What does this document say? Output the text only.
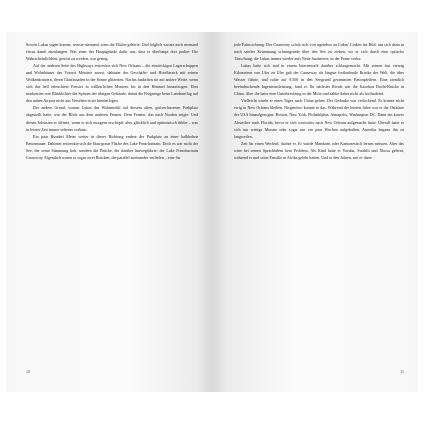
Soweit Lukas sagen konnte, wusste niemand, wem die Fläche gehörte. Und folglich wusste auch niemand etwas damit anzufangen. Was einer der Hauptgründe dafür war, dass er überhaupt dort parkte: Die Wahrscheinlichkeit, gestört zu werden, war gering.

Auf der anderen Seite des Highways erstreckte sich New Orleans – die einstöckigen Lagerschuppen und Wohnhäuser des Vororts Metairie zuerst, dahinter der Geschäfts- und Hotelbezirk mit seinen Wolkenkratzern, deren Glasfassaden in der Sonne glitzerten. Nachts funkelten sie auf andere Weise, wenn sich das hell erleuchtete Fenster in willkürlichen Mustern bis in den Himmel hinaufzogen. Dort markierten rote Blinklichter die Spitzen der übrigen Gebäude, damit die Flugzeuge beim Landeanflug auf den nahen Airport nicht aus Versehen in sie hineinflogen.

Der andere Grund, warum Lukas das Wohnmobil auf diesem alten, gottverlassenen Parkplatz abgestellt hatte, war der Blick aus dem anderen Fenster. Dem Fenster, das nach Norden zeigte. Und diesen Jalousien er öffnete, wenn er sich morgens erschöpft, aber glücklich und optimistisch fühlte – was in letzter Zeit immer seltener vorkam.

Ein paar Hundert Meter weiter in dieser Richtung endete der Parkplatz an einer halbhohen Betonmauer. Dahinter erstreckte sich die blau-graue Fläche des Lake Pontchartrain. Doch es war nicht der See, der seine Stimmung hob, sondern die Brücke, die darüber hinwegführte: der Lake Pontchartrain Causeway. Eigentlich waren es sogar zwei Brücken, die parallel zueinander verliefen – eine für

10

jede Fahrtrichtung. Der Causeway schob sich von irgendwo zu Lukas' Linken ins Bild, um sich dann in nach sanfter Krümmung schnurgerade über den See zu ziehen, wo er sich durch eine optische Täuschung, die Lukas immer wieder aufs Neue faszinierte, in der Ferne verlor.

Lukas hatte sich mal in einem Internetcafé darüber schlaugemacht. Mit seinen fast vierzig Kilometern von Ufer zu Ufer galt der Causeway als längste fortlaufende Brücke der Welt, die über Wasser führte, und ruhte auf 9.500 in den Seegrund gerammten Betonpfeilern. Eine ziemlich beeindruckende Ingenieursleistung, fand er. Ihr nächster Rivale war die Jiaozhou Bucht-Brücke in China. Aber die hatte eine Unterbrechung in der Mitte und zählte daher nicht als fortlaufend.

Vielleicht würde er eines Tages nach China gehen. Der Gedanke war verlockend. Er konnte nicht ewig in New Orleans bleiben. Nirgendwo konnte er das. Während der letzten Jahre war er die Ostküste der USA hinaufgezogen: Boston, New York, Philadelphia, Annapolis, Washington DC. Dann ein kurzer Abstecher nach Florida, bevor er sich westwärts nach New Orleans aufgemacht hatte. Überall hatte er sich nur wenige Monate oder sogar nur ein paar Wochen aufgehalten. Amerika begann ihn zu langweilen.

Zeit für einen Wechsel, dachte er. Er würde Mandarin oder Kantonesisch lernen müssen. Aber das wäre bei seinen Sprachtalent kein Problem. Als Kind hatte er Yoruba, Swahili und Xhosa gelernt, während er und seine Familie in Afrika gelebt hatten. Und in den Jahren, seit er diese

11
